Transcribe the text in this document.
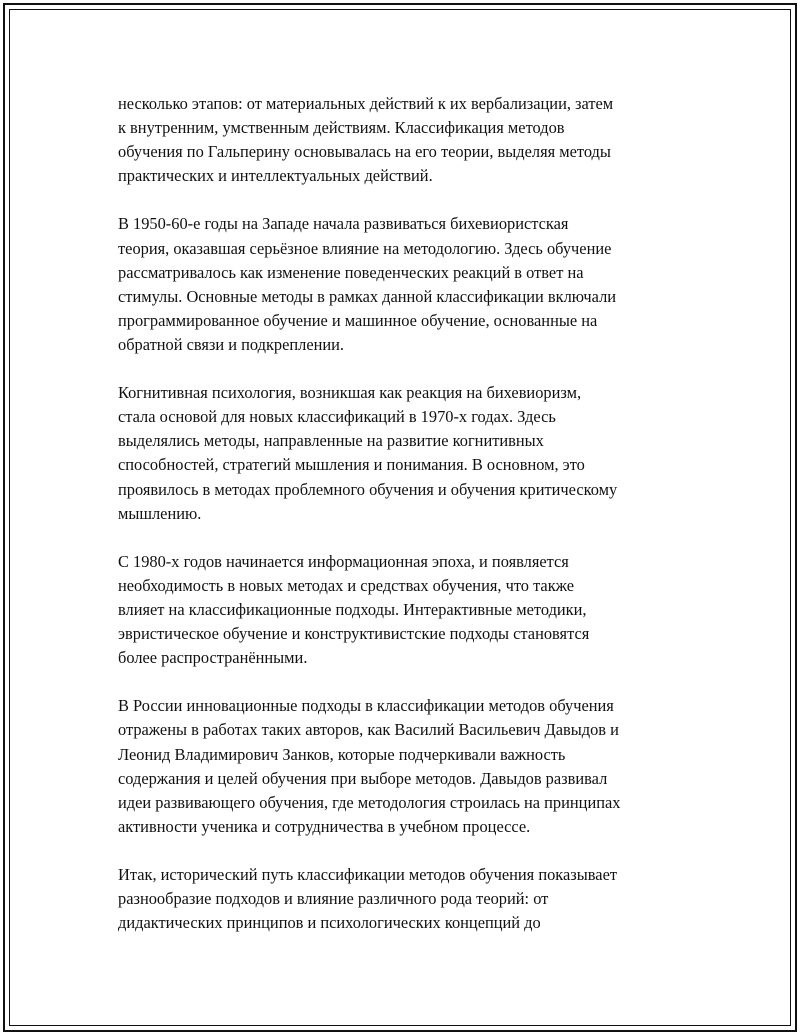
несколько этапов: от материальных действий к их вербализации, затем
к внутренним, умственным действиям. Классификация методов
обучения по Гальперину основывалась на его теории, выделяя методы
практических и интеллектуальных действий.

В 1950-60-е годы на Западе начала развиваться бихевиористская
теория, оказавшая серьёзное влияние на методологию. Здесь обучение
рассматривалось как изменение поведенческих реакций в ответ на
стимулы. Основные методы в рамках данной классификации включали
программированное обучение и машинное обучение, основанные на
обратной связи и подкреплении.

Когнитивная психология, возникшая как реакция на бихевиоризм,
стала основой для новых классификаций в 1970-х годах. Здесь
выделялись методы, направленные на развитие когнитивных
способностей, стратегий мышления и понимания. В основном, это
проявилось в методах проблемного обучения и обучения критическому
мышлению.

С 1980-х годов начинается информационная эпоха, и появляется
необходимость в новых методах и средствах обучения, что также
влияет на классификационные подходы. Интерактивные методики,
эвристическое обучение и конструктивистские подходы становятся
более распространёнными.

В России инновационные подходы в классификации методов обучения
отражены в работах таких авторов, как Василий Васильевич Давыдов и
Леонид Владимирович Занков, которые подчеркивали важность
содержания и целей обучения при выборе методов. Давыдов развивал
идеи развивающего обучения, где методология строилась на принципах
активности ученика и сотрудничества в учебном процессе.

Итак, исторический путь классификации методов обучения показывает
разнообразие подходов и влияние различного рода теорий: от
дидактических принципов и психологических концепций до
